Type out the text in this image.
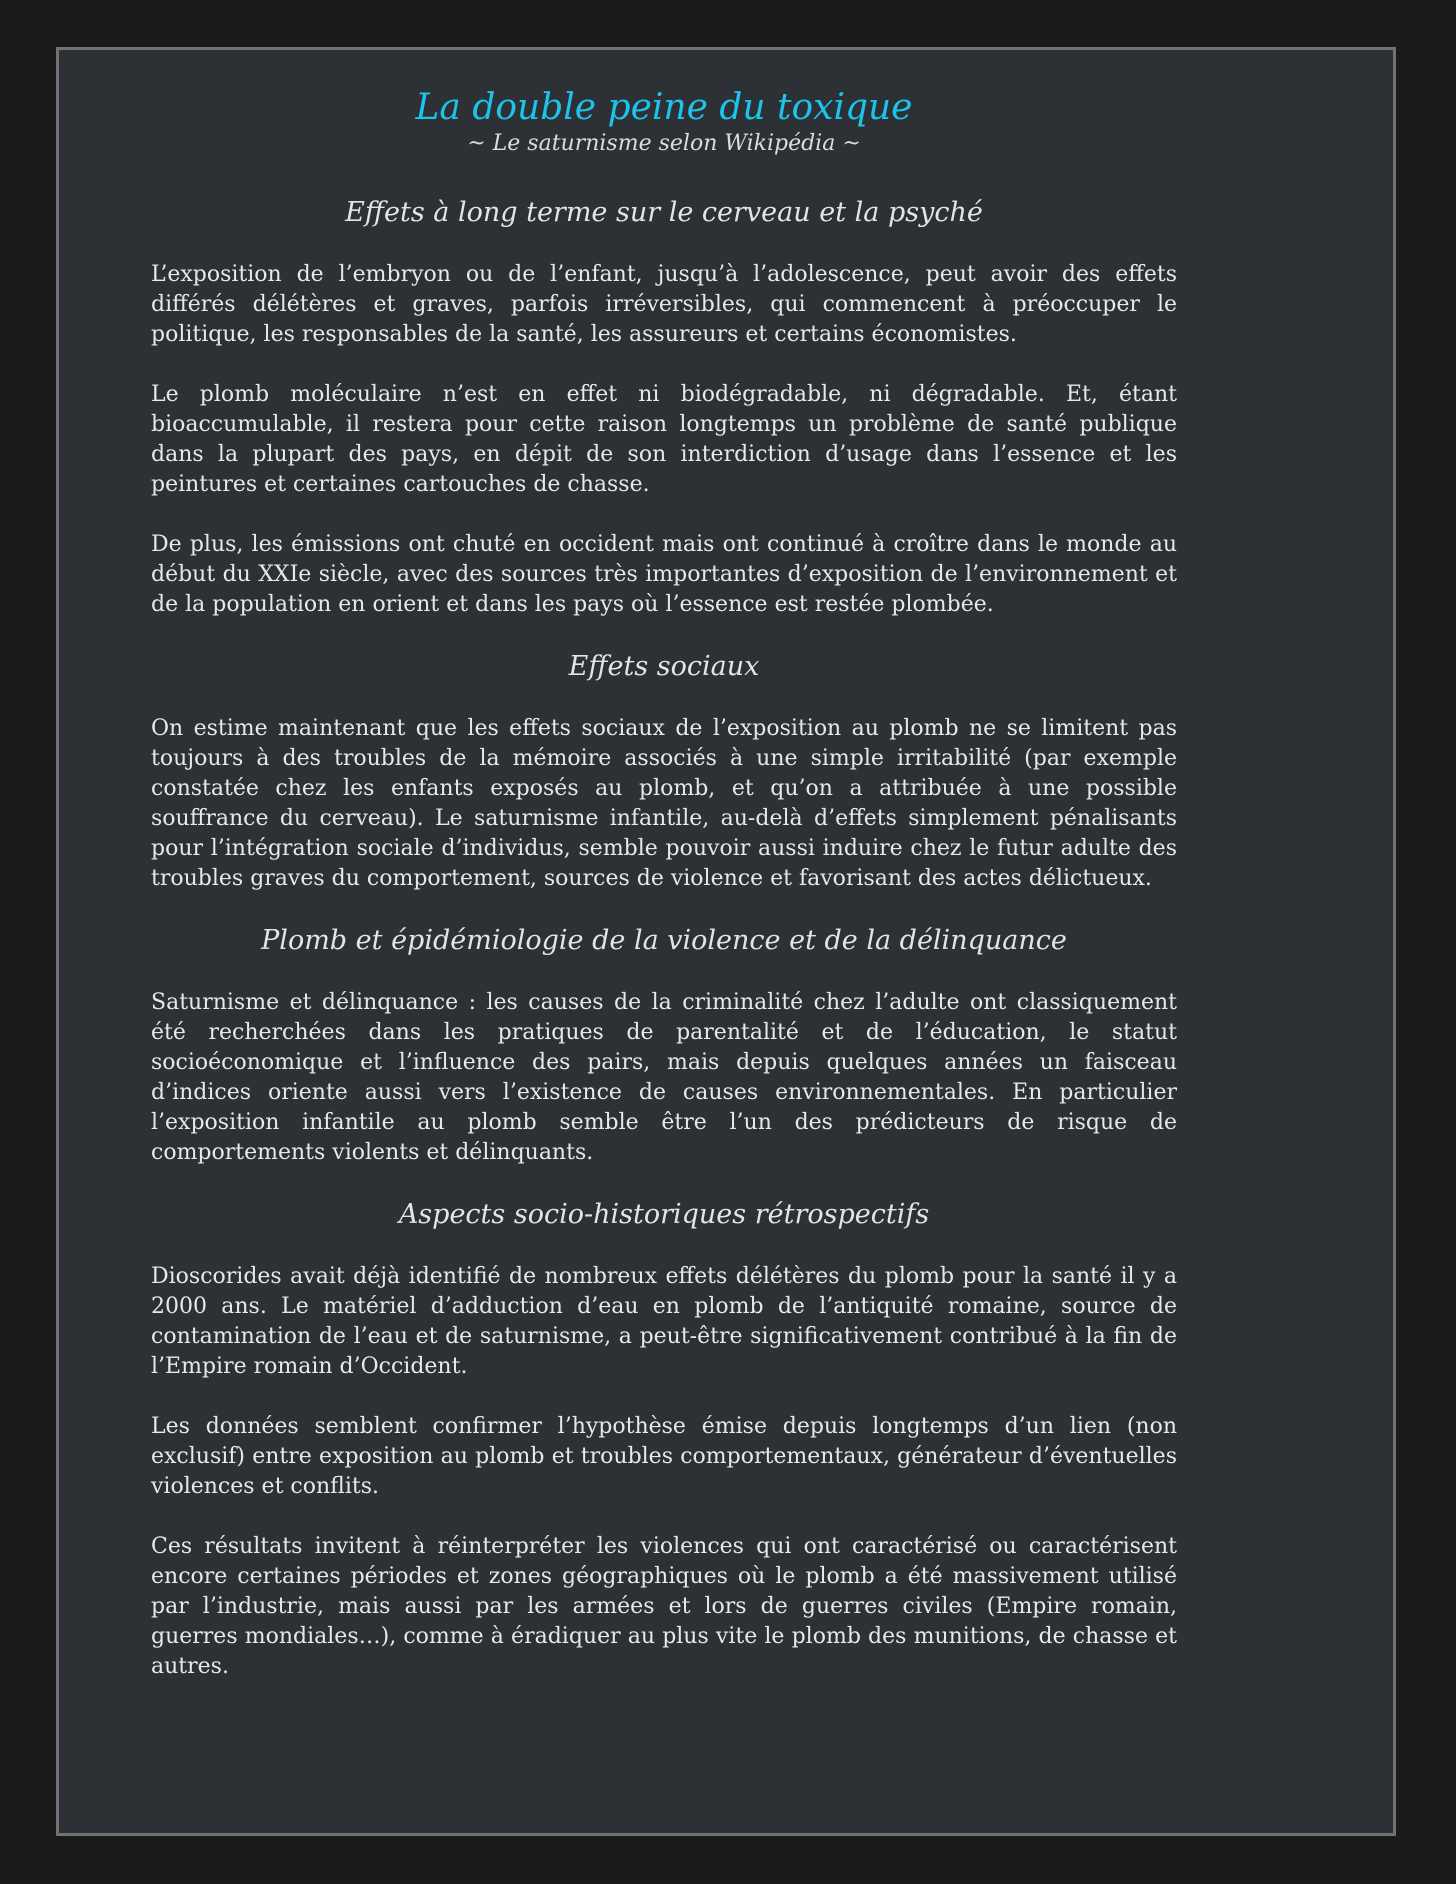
La double peine du toxique
~ Le saturnisme selon Wikipédia ~
Effets à long terme sur le cerveau et la psyché

L’exposition de l’embryon ou de l’enfant, jusqu’à l’adolescence, peut avoir des effets différés délétères et graves, parfois irréversibles, qui commencent à préoccuper le politique, les responsables de la santé, les assureurs et certains économistes.

Le plomb moléculaire n’est en effet ni biodégradable, ni dégradable. Et, étant bioaccumulable, il restera pour cette raison longtemps un problème de santé publique dans la plupart des pays, en dépit de son interdiction d’usage dans l’essence et les peintures et certaines cartouches de chasse.

De plus, les émissions ont chuté en occident mais ont continué à croître dans le monde au début du XXIe siècle, avec des sources très importantes d’exposition de l’environnement et de la population en orient et dans les pays où l’essence est restée plombée.

Effets sociaux

On estime maintenant que les effets sociaux de l’exposition au plomb ne se limitent pas toujours à des troubles de la mémoire associés à une simple irritabilité (par exemple constatée chez les enfants exposés au plomb, et qu’on a attribuée à une possible souffrance du cerveau). Le saturnisme infantile, au-delà d’effets simplement pénalisants pour l’intégration sociale d’individus, semble pouvoir aussi induire chez le futur adulte des troubles graves du comportement, sources de violence et favorisant des actes délictueux.

Plomb et épidémiologie de la violence et de la délinquance

Saturnisme et délinquance : les causes de la criminalité chez l’adulte ont classiquement été recherchées dans les pratiques de parentalité et de l’éducation, le statut socioéconomique et l’influence des pairs, mais depuis quelques années un faisceau d’indices oriente aussi vers l’existence de causes environnementales. En particulier l’exposition infantile au plomb semble être l’un des prédicteurs de risque de comportements violents et délinquants.

Aspects socio-historiques rétrospectifs

Dioscorides avait déjà identifié de nombreux effets délétères du plomb pour la santé il y a 2000 ans. Le matériel d’adduction d’eau en plomb de l’antiquité romaine, source de contamination de l’eau et de saturnisme, a peut-être significativement contribué à la fin de l’Empire romain d’Occident.

Les données semblent confirmer l’hypothèse émise depuis longtemps d’un lien (non exclusif) entre exposition au plomb et troubles comportementaux, générateur d’éventuelles violences et conflits.

Ces résultats invitent à réinterpréter les violences qui ont caractérisé ou caractérisent encore certaines périodes et zones géographiques où le plomb a été massivement utilisé par l’industrie, mais aussi par les armées et lors de guerres civiles (Empire romain, guerres mondiales…), comme à éradiquer au plus vite le plomb des munitions, de chasse et autres.
